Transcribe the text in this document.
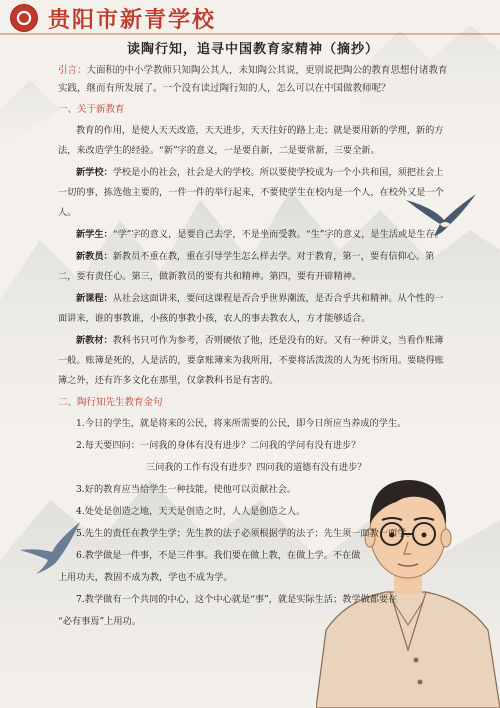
贵阳市新青学校
读陶行知，追寻中国教育家精神（摘抄）

引言：大面积的中小学教师只知陶公其人，未知陶公其说，更别说把陶公的教育思想付诸教育实践，继而有所发展了。一个没有读过陶行知的人，怎么可以在中国做教师呢？

一、关于新教育

教育的作用，是使人天天改造，天天进步，天天往好的路上走；就是要用新的学理，新的方法，来改造学生的经验。“新”字的意义，一是要自新，二是要常新，三要全新。

新学校：学校是小的社会，社会是大的学校。所以要使学校成为一个小共和国，须把社会上一切的事，拣选他主要的，一件一件的举行起来，不要使学生在校内是一个人，在校外又是一个人。

新学生：“学”字的意义，是要自己去学，不是坐而受教。“生”字的意义，是生活或是生存。

新教员：新教员不重在教，重在引导学生怎么样去学。对于教育，第一，要有信仰心。第二，要有责任心。第三，做新教员的要有共和精神。第四，要有开辟精神。

新课程：从社会这面讲来，要问这课程是否合乎世界潮流，是否合乎共和精神。从个性的一面讲来，谁的事教谁，小孩的事教小孩，农人的事去教农人，方才能够适合。

新教材：教科书只可作为参考，否则硬依了他，还是没有的好。又有一种讲义，当看作账簿一般。账簿是死的，人是活的，要拿账簿来为我所用，不要将活泼泼的人为死书所用。要晓得账簿之外，还有许多文化在那里，仅拿教科书是有害的。

二、陶行知先生教育金句

1.今日的学生，就是将来的公民，将来所需要的公民，即今日所应当养成的学生。

2.每天要四问：一问我的身体有没有进步？二问我的学问有没有进步？

三问我的工作有没有进步？四问我的道德有没有进步？

3.好的教育应当给学生一种技能，使他可以贡献社会。

4.处处是创造之地，天天是创造之时，人人是创造之人。

5.先生的责任在教学生学；先生教的法子必须根据学的法子；先生须一面教一面学。

6.教学做是一件事，不是三件事。我们要在做上教，在做上学。不在做

上用功夫，教固不成为教，学也不成为学。

7.教学做有一个共同的中心，这个中心就是“事”，就是实际生活；教学做都要在

“必有事焉”上用功。
